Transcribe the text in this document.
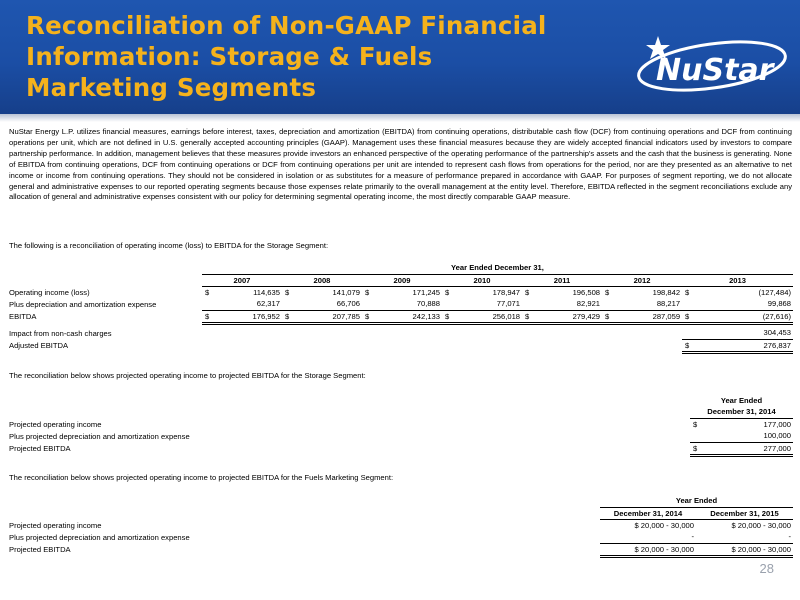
Reconciliation of Non-GAAP Financial
Information: Storage & Fuels
Marketing Segments	NuStar

NuStar Energy L.P. utilizes financial measures, earnings before interest, taxes, depreciation and amortization (EBITDA) from continuing operations, distributable cash flow (DCF) from continuing operations and DCF from continuing operations per unit, which are not defined in U.S. generally accepted accounting principles (GAAP). Management uses these financial measures because they are widely accepted financial indicators used by investors to compare partnership performance. In addition, management believes that these measures provide investors an enhanced perspective of the operating performance of the partnership's assets and the cash that the business is generating. None of EBITDA from continuing operations, DCF from continuing operations or DCF from continuing operations per unit are intended to represent cash flows from operations for the period, nor are they presented as an alternative to net income or income from continuing operations. They should not be considered in isolation or as substitutes for a measure of performance prepared in accordance with GAAP. For purposes of segment reporting, we do not allocate general and administrative expenses to our reported operating segments because those expenses relate primarily to the overall management at the entity level. Therefore, EBITDA reflected in the segment reconciliations exclude any allocation of general and administrative expenses consistent with our policy for determining segmental operating income, the most directly comparable GAAP measure.

The following is a reconciliation of operating income (loss) to EBITDA for the Storage Segment:
	Year Ended December 31,													
	2007		2008		2009		2010		2011		2012		2013	
Operating income (loss)	$	114,635	$	141,079	$	171,245	$	178,947	$	196,508	$	198,842	$	(127,484)
Plus depreciation and amortization expense		62,317		66,706		70,888		77,071		82,921		88,217		99,868
EBITDA	$	176,952	$	207,785	$	242,133	$	256,018	$	279,429	$	287,059	$	(27,616)

Impact from non-cash charges														304,453
Adjusted EBITDA													$	276,837
The reconciliation below shows projected operating income to projected EBITDA for the Storage Segment:
	Year Ended	
	December 31, 2014	
Projected operating income	$	177,000
Plus projected depreciation and amortization expense		100,000
Projected EBITDA	$	277,000
The reconciliation below shows projected operating income to projected EBITDA for the Fuels Marketing Segment:
	Year Ended	
	December 31, 2014	December 31, 2015
Projected operating income	$ 20,000 - 30,000	$ 20,000 - 30,000
Plus projected depreciation and amortization expense	-	-
Projected EBITDA	$ 20,000 - 30,000	$ 20,000 - 30,000
28
